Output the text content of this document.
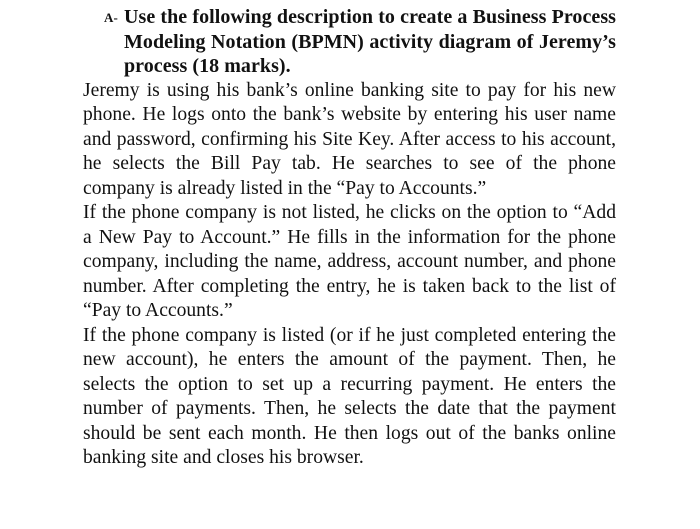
A- Use the following description to create a Business Process Modeling Notation (BPMN) activity diagram of Jeremy’s process (18 marks).

Jeremy is using his bank’s online banking site to pay for his new phone. He logs onto the bank’s website by entering his user name and password, confirming his Site Key. After access to his account, he selects the Bill Pay tab. He searches to see of the phone company is already listed in the “Pay to Accounts.”

If the phone company is not listed, he clicks on the option to “Add a New Pay to Account.” He fills in the information for the phone company, including the name, address, account number, and phone number. After completing the entry, he is taken back to the list of “Pay to Accounts.”

If the phone company is listed (or if he just completed entering the new account), he enters the amount of the payment. Then, he selects the option to set up a recurring payment. He enters the number of payments. Then, he selects the date that the payment should be sent each month. He then logs out of the banks online banking site and closes his browser.
